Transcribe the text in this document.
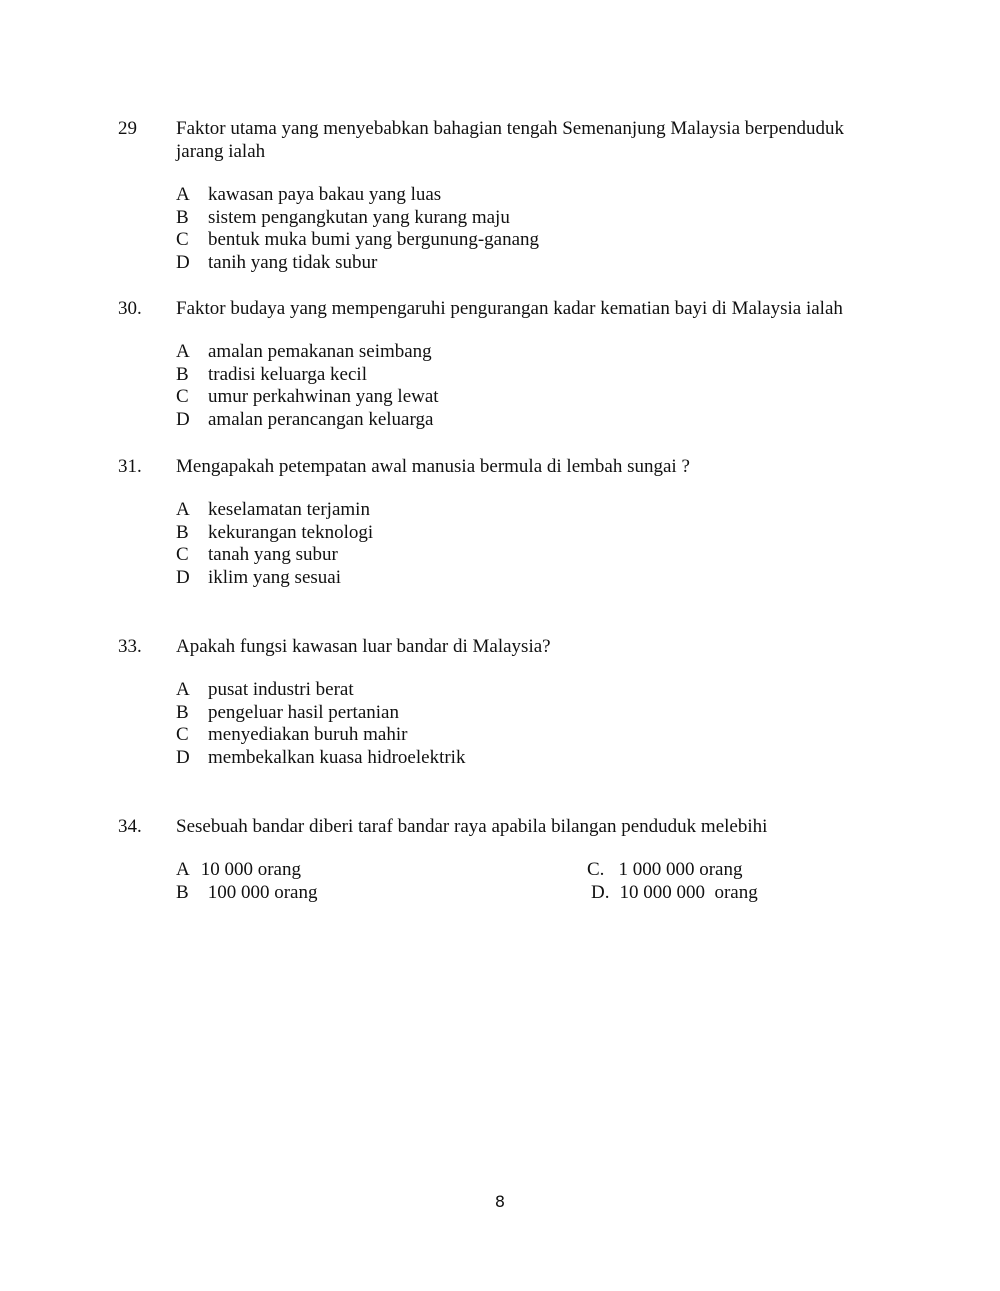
29	Faktor utama yang menyebabkan bahagian tengah Semenanjung Malaysia berpenduduk jarang ialah
A kawasan paya bakau yang luas
B	sistem pengangkutan yang kurang maju
C	bentuk muka bumi yang bergunung-ganang
D tanih yang tidak subur
30.	Faktor budaya yang mempengaruhi pengurangan kadar kematian bayi di Malaysia ialah
A amalan pemakanan seimbang
B	tradisi keluarga kecil
C	umur perkahwinan yang lewat
D amalan perancangan keluarga
31.	Mengapakah petempatan awal manusia bermula di lembah sungai ?
A keselamatan terjamin
B	kekurangan teknologi
C	tanah yang subur
D iklim yang sesuai
33.	Apakah fungsi kawasan luar bandar di Malaysia?
A pusat industri berat
B	pengeluar hasil pertanian
C	menyediakan buruh mahir
D membekalkan kuasa hidroelektrik
34.	Sesebuah bandar diberi taraf bandar raya apabila bilangan penduduk melebihi
A 10 000 orang
B 100 000 orang
C. 1 000 000 orang
D. 10 000 000  orang
8
